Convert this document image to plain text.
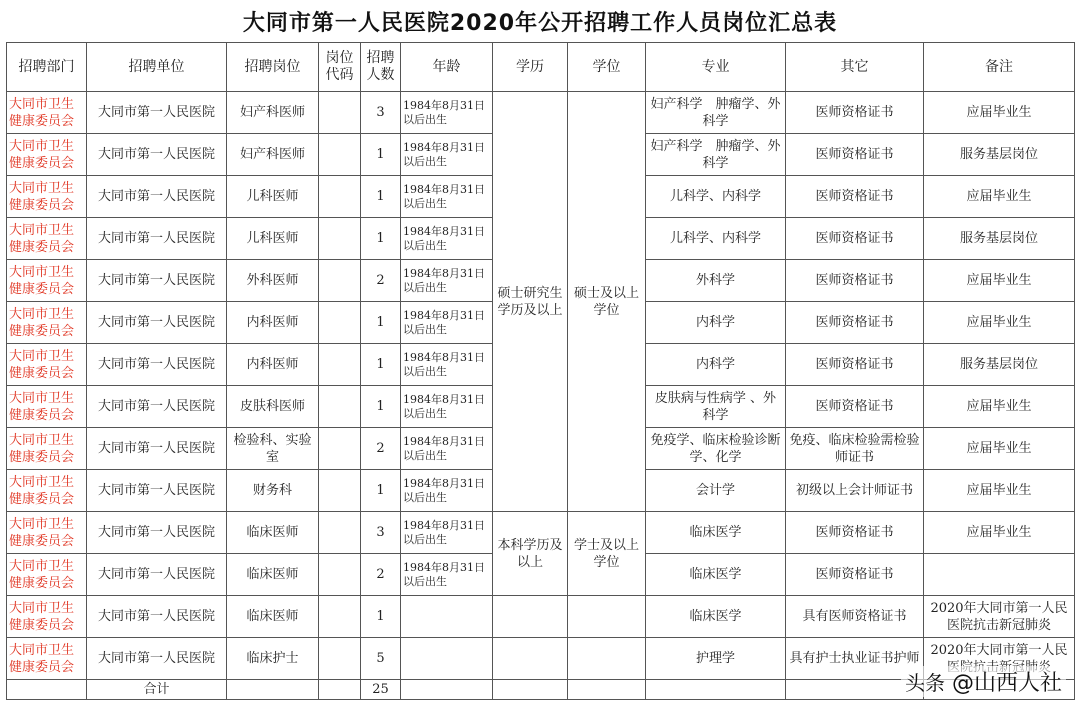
大同市第一人民医院2020年公开招聘工作人员岗位汇总表
招聘部门	招聘单位	招聘岗位	岗位代码	招聘人数	年龄	学历	学位	专业	其它	备注
大同市卫生健康委员会	大同市第一人民医院	妇产科医师		3	1984年8月31日以后出生	硕士研究生学历及以上	硕士及以上学位	妇产科学　肿瘤学、外科学	医师资格证书	应届毕业生
大同市卫生健康委员会	大同市第一人民医院	妇产科医师		1	1984年8月31日以后出生			妇产科学　肿瘤学、外科学	医师资格证书	服务基层岗位
大同市卫生健康委员会	大同市第一人民医院	儿科医师		1	1984年8月31日以后出生			儿科学、内科学	医师资格证书	应届毕业生
大同市卫生健康委员会	大同市第一人民医院	儿科医师		1	1984年8月31日以后出生			儿科学、内科学	医师资格证书	服务基层岗位
大同市卫生健康委员会	大同市第一人民医院	外科医师		2	1984年8月31日以后出生			外科学	医师资格证书	应届毕业生
大同市卫生健康委员会	大同市第一人民医院	内科医师		1	1984年8月31日以后出生			内科学	医师资格证书	应届毕业生
大同市卫生健康委员会	大同市第一人民医院	内科医师		1	1984年8月31日以后出生			内科学	医师资格证书	服务基层岗位
大同市卫生健康委员会	大同市第一人民医院	皮肤科医师		1	1984年8月31日以后出生			皮肤病与性病学 、外科学	医师资格证书	应届毕业生
大同市卫生健康委员会	大同市第一人民医院	检验科、实验室		2	1984年8月31日以后出生			免疫学、临床检验诊断学、化学	免疫、临床检验需检验师证书	应届毕业生
大同市卫生健康委员会	大同市第一人民医院	财务科		1	1984年8月31日以后出生			会计学	初级以上会计师证书	应届毕业生
大同市卫生健康委员会	大同市第一人民医院	临床医师		3	1984年8月31日以后出生	本科学历及以上	学士及以上学位	临床医学	医师资格证书	应届毕业生
大同市卫生健康委员会	大同市第一人民医院	临床医师		2	1984年8月31日以后出生			临床医学	医师资格证书	
大同市卫生健康委员会	大同市第一人民医院	临床医师		1				临床医学	具有医师资格证书	2020年大同市第一人民医院抗击新冠肺炎
大同市卫生健康委员会	大同市第一人民医院	临床护士		5				护理学	具有护士执业证书护师	2020年大同市第一人民
	合计			25							头条 @山西人社
